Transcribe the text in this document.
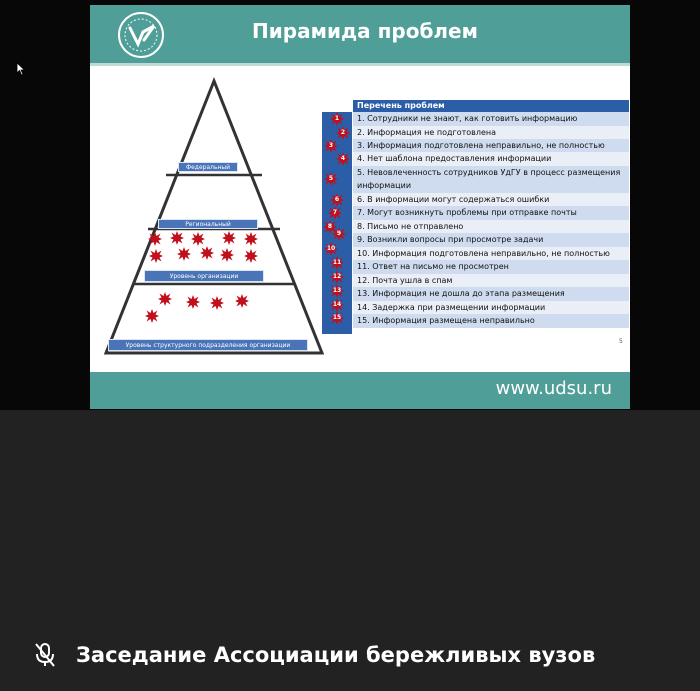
Пирамида проблем
Федеральный
Региональный
Уровень организации
Уровень структурного подразделения организации
Перечень проблем
1. Сотрудники не знают, как готовить информацию
2. Информация не подготовлена
3. Информация подготовлена неправильно, не полностью
4. Нет шаблона предоставления информации
5. Невовлеченность сотрудников УдГУ в процесс размещения информации
6. В информации могут содержаться ошибки
7. Могут возникнуть проблемы при отправке почты
8. Письмо не отправлено
9. Возникли вопросы при просмотре задачи
10. Информация подготовлена неправильно, не полностью
11. Ответ на письмо не просмотрен
12. Почта ушла в спам
13. Информация не дошла до этапа размещения
14. Задержка при размещении информации
15. Информация размещена неправильно
1
2
3
4
5
6
7
8
9
10
11
12
13
14
15
5
www.udsu.ru
Заседание Ассоциации бережливых вузов
